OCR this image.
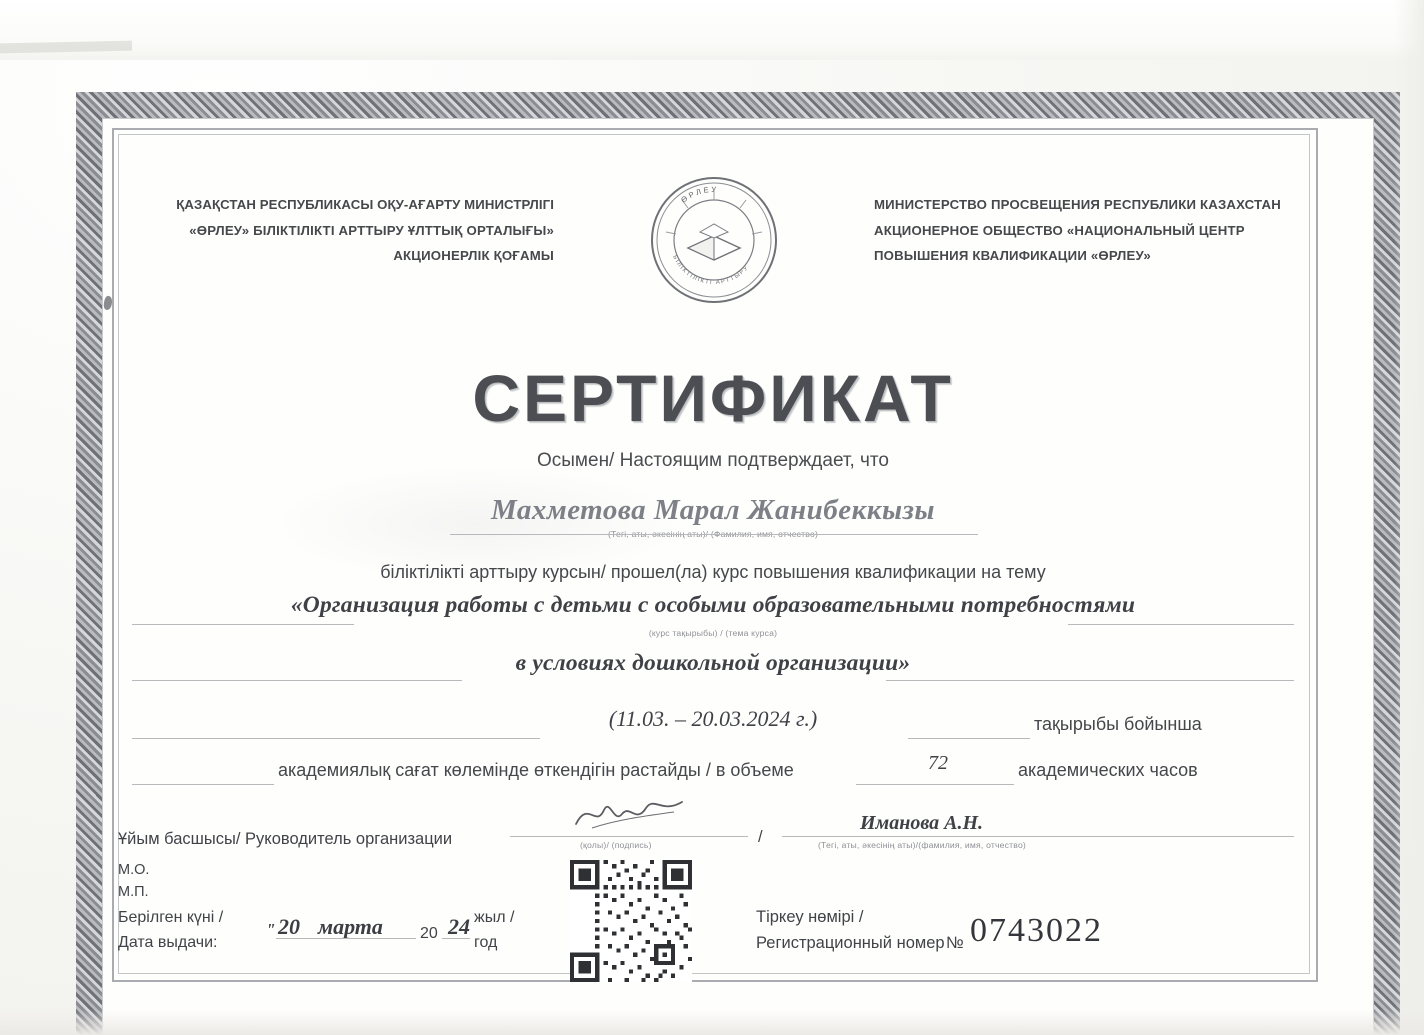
ҚАЗАҚСТАН РЕСПУБЛИКАСЫ ОҚУ-АҒАРТУ МИНИСТРЛІГІ
«ӨРЛЕУ» БІЛІКТІЛІКТІ АРТТЫРУ ҰЛТТЫҚ ОРТАЛЫҒЫ»
АКЦИОНЕРЛІК ҚОҒАМЫ
ӨРЛЕУ
БІЛІКТІЛІКТІ АРТТЫРУ
МИНИСТЕРСТВО ПРОСВЕЩЕНИЯ РЕСПУБЛИКИ КАЗАХСТАН
АКЦИОНЕРНОЕ ОБЩЕСТВО «НАЦИОНАЛЬНЫЙ ЦЕНТР
ПОВЫШЕНИЯ КВАЛИФИКАЦИИ «ӨРЛЕУ»
СЕРТИФИКАТ
Осымен/ Настоящим подтверждает, что
Махметова Марал Жанибеккызы
(Тегі, аты, әкесінің аты)/ (Фамилия, имя, отчество)
біліктілікті арттыру курсын/ прошел(ла) курс повышения квалификации на тему
«Организация работы с детьми с особыми образовательными потребностями
(курс тақырыбы) / (тема курса)
в условиях дошкольной организации»
(11.03. – 20.03.2024 г.)	тақырыбы бойынша
академиялық сағат көлемінде өткендігін растайды / в объеме	72	академических часов
Ұйым басшысы/ Руководитель организации	(қолы)/ (подпись)	/
Иманова А.Н.
(Тегі, аты, әкесінің аты)/(фамилия, имя, отчество)
М.О.
М.П.
Берілген күні /
Дата выдачи:
" 20 марта 20 24 жыл /
год
Тіркеу нөмірі /
Регистрационный номер № 0743022
